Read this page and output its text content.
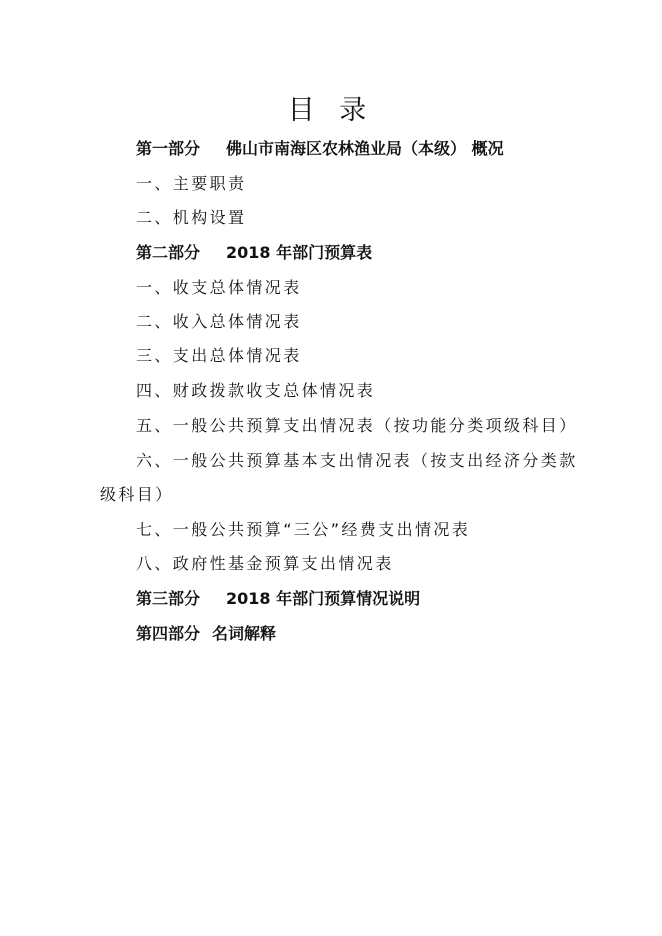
目 录
第一部分 佛山市南海区农林渔业局（本级） 概况
一、主要职责
二、机构设置
第二部分 2018 年部门预算表
一、收支总体情况表
二、收入总体情况表
三、支出总体情况表
四、财政拨款收支总体情况表
五、一般公共预算支出情况表（按功能分类项级科目）
六、一般公共预算基本支出情况表（按支出经济分类款
级科目）
七、一般公共预算“三公”经费支出情况表
八、政府性基金预算支出情况表
第三部分 2018 年部门预算情况说明
第四部分 名词解释
